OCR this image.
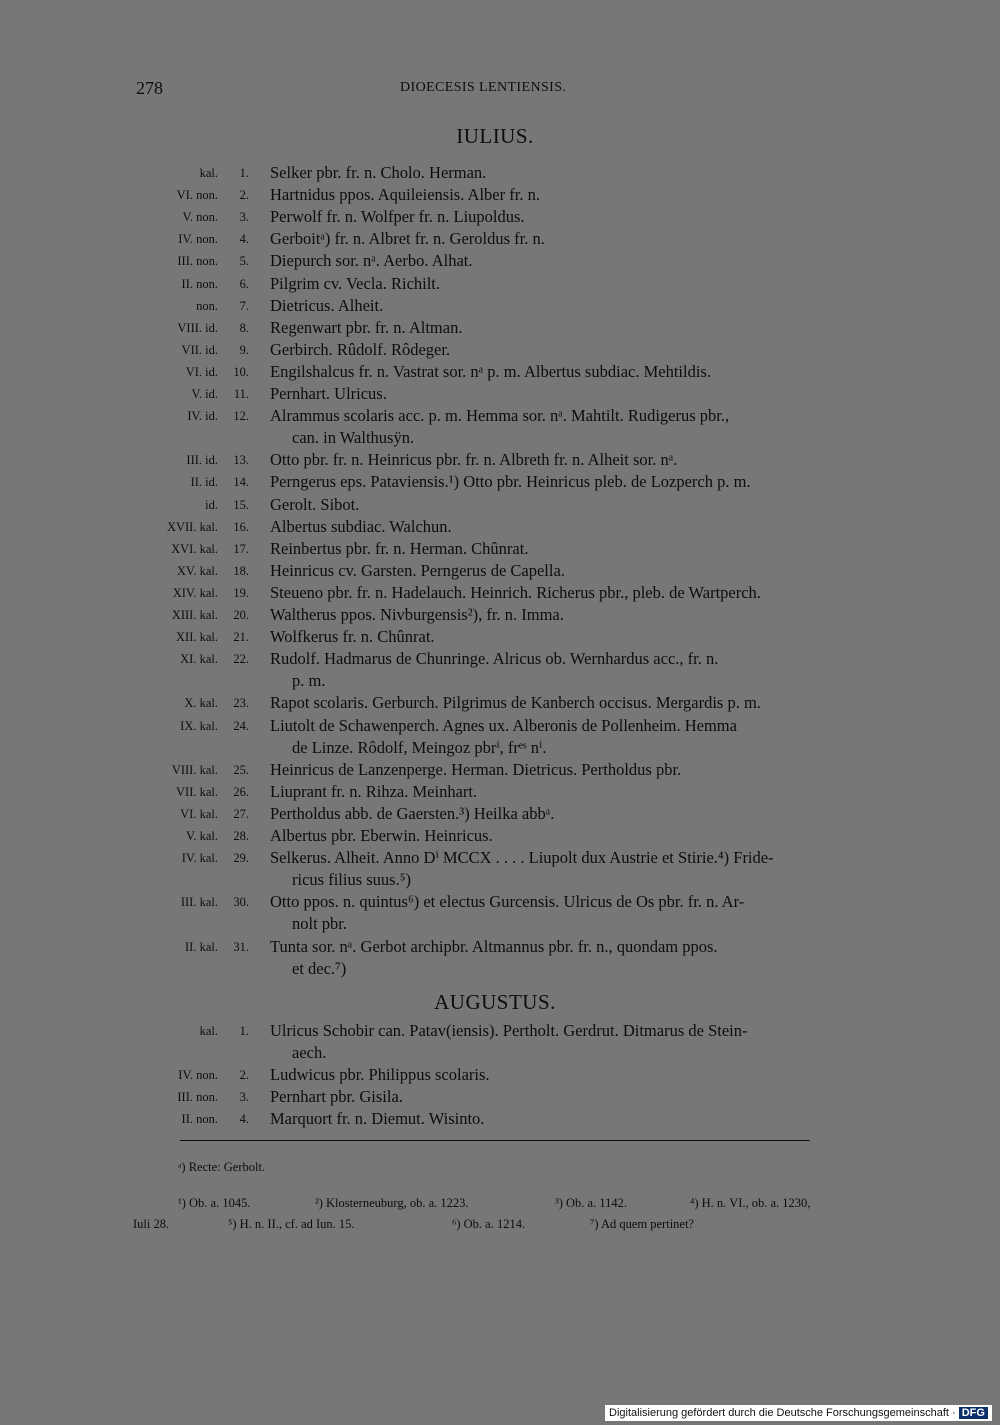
278	DIOECESIS LENTIENSIS.
IULIUS.
kal. 1. Selker pbr. fr. n. Cholo. Herman.
VI. non. 2. Hartnidus ppos. Aquileiensis. Alber fr. n.
V. non. 3. Perwolf fr. n. Wolfper fr. n. Liupoldus.
IV. non. 4. Gerboitᵃ) fr. n. Albret fr. n. Geroldus fr. n.
III. non. 5. Diepurch sor. nᵃ. Aerbo. Alhat.
II. non. 6. Pilgrim cv. Vecla. Richilt.
non. 7. Dietricus. Alheit.
VIII. id. 8. Regenwart pbr. fr. n. Altman.
VII. id. 9. Gerbirch. Rûdolf. Rôdeger.
VI. id. 10. Engilshalcus fr. n. Vastrat sor. nᵃ p. m. Albertus subdiac. Mehtildis.
V. id. 11. Pernhart. Ulricus.
IV. id. 12. Alrammus scolaris acc. p. m. Hemma sor. nᵃ. Mahtilt. Rudigerus pbr.,
can. in Walthusÿn.
III. id. 13. Otto pbr. fr. n. Heinricus pbr. fr. n. Albreth fr. n. Alheit sor. nᵃ.
II. id. 14. Perngerus eps. Pataviensis.¹) Otto pbr. Heinricus pleb. de Lozperch p. m.
id. 15. Gerolt. Sibot.
XVII. kal. 16. Albertus subdiac. Walchun.
XVI. kal. 17. Reinbertus pbr. fr. n. Herman. Chûnrat.
XV. kal. 18. Heinricus cv. Garsten. Perngerus de Capella.
XIV. kal. 19. Steueno pbr. fr. n. Hadelauch. Heinrich. Richerus pbr., pleb. de Wartperch.
XIII. kal. 20. Waltherus ppos. Nivburgensis²), fr. n. Imma.
XII. kal. 21. Wolfkerus fr. n. Chûnrat.
XI. kal. 22. Rudolf. Hadmarus de Chunringe. Alricus ob. Wernhardus acc., fr. n.
p. m.
X. kal. 23. Rapot scolaris. Gerburch. Pilgrimus de Kanberch occisus. Mergardis p. m.
IX. kal. 24. Liutolt de Schawenperch. Agnes ux. Alberonis de Pollenheim. Hemma
de Linze. Rôdolf, Meingoz pbrⁱ, frᵉˢ nⁱ.
VIII. kal. 25. Heinricus de Lanzenperge. Herman. Dietricus. Pertholdus pbr.
VII. kal. 26. Liuprant fr. n. Rihza. Meinhart.
VI. kal. 27. Pertholdus abb. de Gaersten.³) Heilka abbᵃ.
V. kal. 28. Albertus pbr. Eberwin. Heinricus.
IV. kal. 29. Selkerus. Alheit. Anno Dⁱ MCCX . . . . Liupolt dux Austrie et Stirie.⁴) Fride-
ricus filius suus.⁵)
III. kal. 30. Otto ppos. n. quintus⁶) et electus Gurcensis. Ulricus de Os pbr. fr. n. Ar-
nolt pbr.
II. kal. 31. Tunta sor. nᵃ. Gerbot archipbr. Altmannus pbr. fr. n., quondam ppos.
et dec.⁷)
AUGUSTUS.
kal. 1. Ulricus Schobir can. Patav(iensis). Pertholt. Gerdrut. Ditmarus de Stein-
aech.
IV. non. 2. Ludwicus pbr. Philippus scolaris.
III. non. 3. Pernhart pbr. Gisila.
II. non. 4. Marquort fr. n. Diemut. Wisinto.
ᵃ) Recte: Gerbolt.
¹) Ob. a. 1045.	²) Klosterneuburg, ob. a. 1223.	³) Ob. a. 1142.	⁴) H. n. VI., ob. a. 1230,
Iuli 28.	⁵) H. n. II., cf. ad Iun. 15.	⁶) Ob. a. 1214.	⁷) Ad quem pertinet?
Digitalisierung gefördert durch die Deutsche Forschungsgemeinschaft · DFG
